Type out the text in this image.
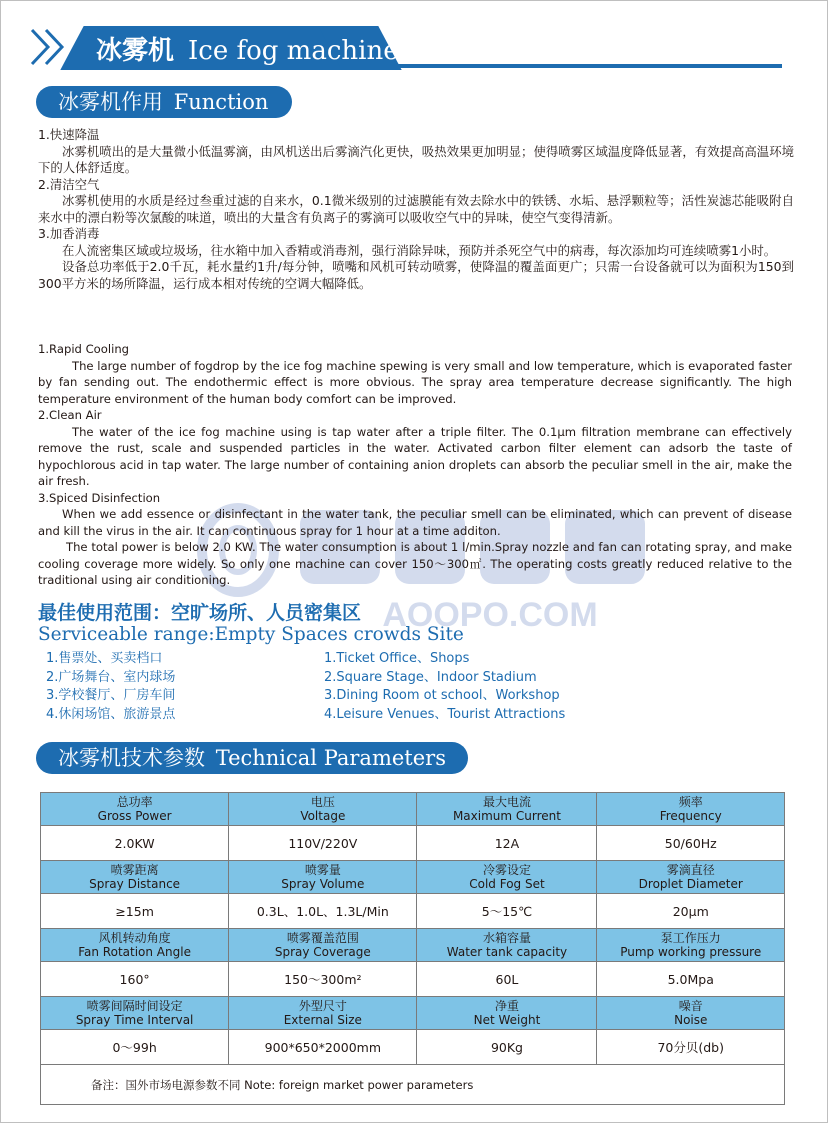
冰雾机 Ice fog machine
冰雾机作用 Function
AOOPO.COM

1.快速降温

冰雾机喷出的是大量微小低温雾滴，由风机送出后雾滴汽化更快，吸热效果更加明显；使得喷雾区域温度降低显著，有效提高高温环境下的人体舒适度。

2.清洁空气

冰雾机使用的水质是经过叁重过滤的自来水，0.1微米级别的过滤膜能有效去除水中的铁锈、水垢、悬浮颗粒等；活性炭滤芯能吸附自来水中的漂白粉等次氯酸的味道，喷出的大量含有负离子的雾滴可以吸收空气中的异味，使空气变得清新。

3.加香消毒

在人流密集区域或垃圾场，往水箱中加入香精或消毒剂，强行消除异味，预防并杀死空气中的病毒，每次添加均可连续喷雾1小时。

设备总功率低于2.0千瓦，耗水量约1升/每分钟，喷嘴和风机可转动喷雾，使降温的覆盖面更广；只需一台设备就可以为面积为150到300平方米的场所降温，运行成本相对传统的空调大幅降低。

1.Rapid Cooling

The large number of fogdrop by the ice fog machine spewing is very small and low temperature, which is evaporated faster by fan sending out. The endothermic effect is more obvious. The spray area temperature decrease significantly. The high temperature environment of the human body comfort can be improved.

2.Clean Air

The water of the ice fog machine using is tap water after a triple filter. The 0.1μm filtration membrane can effectively remove the rust, scale and suspended particles in the water. Activated carbon filter element can adsorb the taste of hypochlorous acid in tap water. The large number of containing anion droplets can absorb the peculiar smell in the air, make the air fresh.

3.Spiced Disinfection

When we add essence or disinfectant in the water tank, the peculiar smell can be eliminated, which can prevent of disease and kill the virus in the air. It can continuous spray for 1 hour at a time additon.

The total power is below 2.0 KW. The water consumption is about 1 l/min.Spray nozzle and fan can rotating spray, and make cooling coverage more widely. So only one machine can cover 150～300㎡. The operating costs greatly reduced relative to the traditional using air conditioning.

最佳使用范围：空旷场所、人员密集区
Serviceable range:Empty Spaces crowds Site
1.售票处、买卖档口
2.广场舞台、室内球场
3.学校餐厅、厂房车间
4.休闲场馆、旅游景点
1.Ticket Office、Shops
2.Square Stage、Indoor Stadium
3.Dining Room ot school、Workshop
4.Leisure Venues、Tourist Attractions
冰雾机技术参数 Technical Parameters
总功率
Gross Power	电压
Voltage	最大电流
Maximum Current	频率
Frequency

2.0KW	110V/220V	12A	50/60Hz

喷雾距离
Spray Distance	喷雾量
Spray Volume	冷雾设定
Cold Fog Set	雾滴直径
Droplet Diameter

≥15m	0.3L、1.0L、1.3L/Min	5～15℃	20μm

风机转动角度
Fan Rotation Angle	喷雾覆盖范围
Spray Coverage	水箱容量
Water tank capacity	泵工作压力
Pump working pressure

160°	150～300m²	60L	5.0Mpa

喷雾间隔时间设定
Spray Time Interval	外型尺寸
External Size	净重
Net Weight	噪音
Noise

0～99h	900*650*2000mm	90Kg	70分贝(db)
备注：国外市场电源参数不同 Note: foreign market power parameters			
